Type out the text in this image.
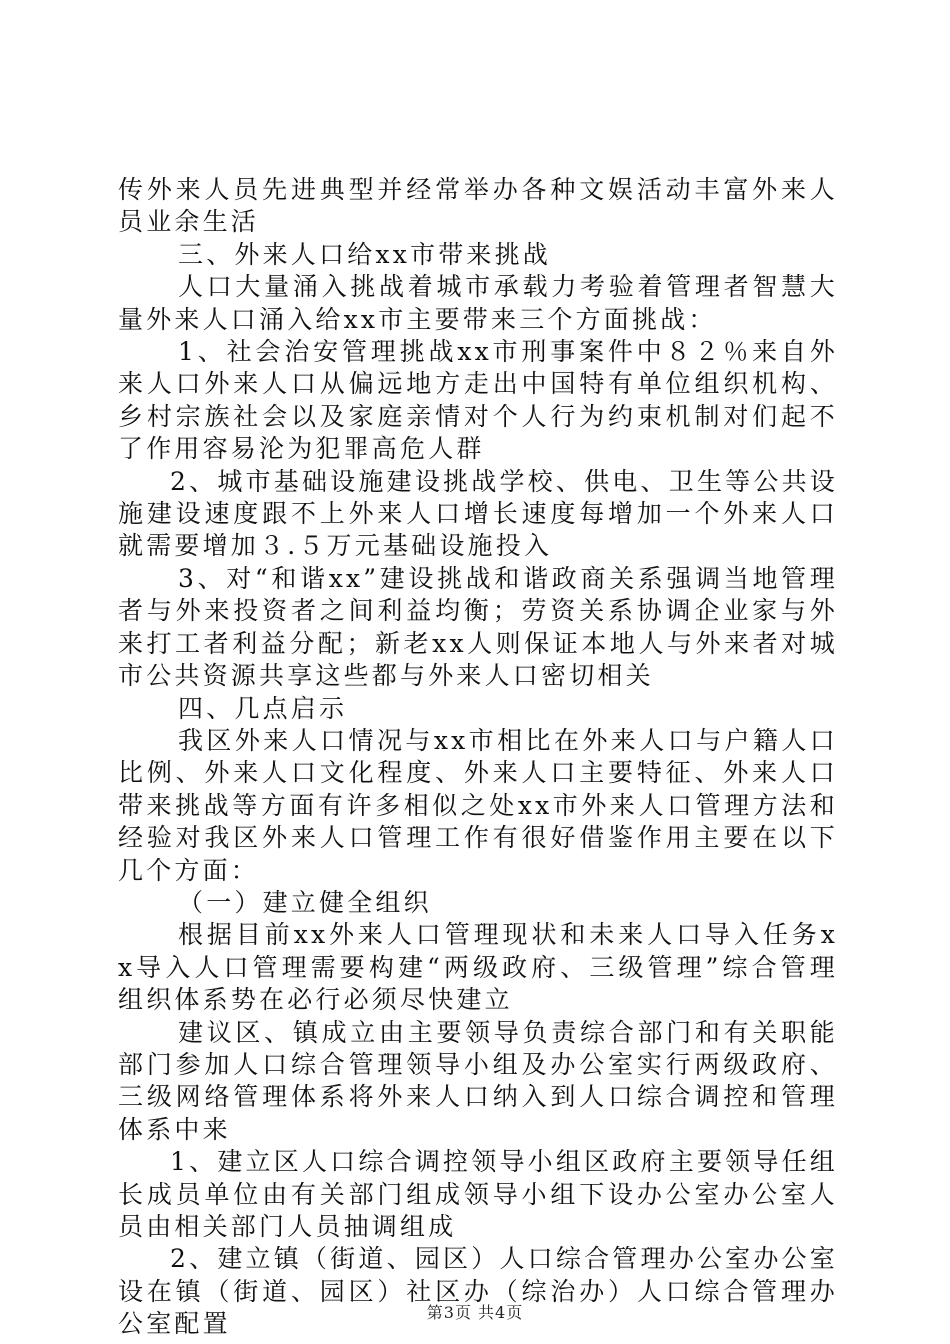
传外来人员先进典型并经常举办各种文娱活动丰富外来人员业余生活

三、外来人口给xx市带来挑战

人口大量涌入挑战着城市承载力考验着管理者智慧大量外来人口涌入给xx市主要带来三个方面挑战：

1、社会治安管理挑战xx市刑事案件中８２％来自外来人口外来人口从偏远地方走出中国特有单位组织机构、乡村宗族社会以及家庭亲情对个人行为约束机制对们起不了作用容易沦为犯罪高危人群

2、城市基础设施建设挑战学校、供电、卫生等公共设施建设速度跟不上外来人口增长速度每增加一个外来人口就需要增加３.５万元基础设施投入

3、对“和谐xx”建设挑战和谐政商关系强调当地管理者与外来投资者之间利益均衡；劳资关系协调企业家与外来打工者利益分配；新老xx人则保证本地人与外来者对城市公共资源共享这些都与外来人口密切相关

四、几点启示

我区外来人口情况与xx市相比在外来人口与户籍人口比例、外来人口文化程度、外来人口主要特征、外来人口带来挑战等方面有许多相似之处xx市外来人口管理方法和经验对我区外来人口管理工作有很好借鉴作用主要在以下几个方面：

（一）建立健全组织

根据目前xx外来人口管理现状和未来人口导入任务xx导入人口管理需要构建“两级政府、三级管理”综合管理组织体系势在必行必须尽快建立

建议区、镇成立由主要领导负责综合部门和有关职能部门参加人口综合管理领导小组及办公室实行两级政府、三级网络管理体系将外来人口纳入到人口综合调控和管理体系中来

1、建立区人口综合调控领导小组区政府主要领导任组长成员单位由有关部门组成领导小组下设办公室办公室人员由相关部门人员抽调组成

2、建立镇（街道、园区）人口综合管理办公室办公室设在镇（街道、园区）社区办（综治办）人口综合管理办公室配置	第3页 共4页
